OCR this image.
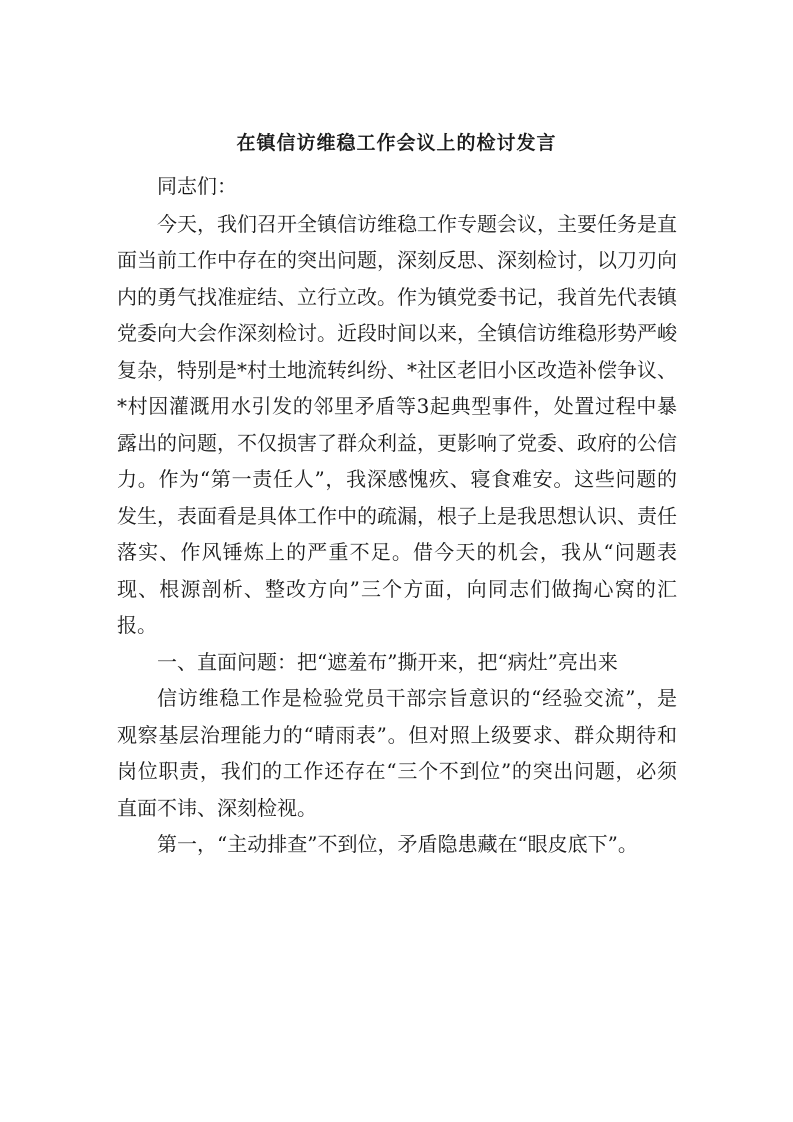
在镇信访维稳工作会议上的检讨发言

同志们：

今天，我们召开全镇信访维稳工作专题会议，主要任务是直面当前工作中存在的突出问题，深刻反思、深刻检讨，以刀刃向内的勇气找准症结、立行立改。作为镇党委书记，我首先代表镇党委向大会作深刻检讨。近段时间以来，全镇信访维稳形势严峻复杂，特别是*村土地流转纠纷、*社区老旧小区改造补偿争议、*村因灌溉用水引发的邻里矛盾等3起典型事件，处置过程中暴露出的问题，不仅损害了群众利益，更影响了党委、政府的公信力。作为“第一责任人”，我深感愧疚、寝食难安。这些问题的发生，表面看是具体工作中的疏漏，根子上是我思想认识、责任落实、作风锤炼上的严重不足。借今天的机会，我从“问题表现、根源剖析、整改方向”三个方面，向同志们做掏心窝的汇报。

一、直面问题：把“遮羞布”撕开来，把“病灶”亮出来

信访维稳工作是检验党员干部宗旨意识的“经验交流”，是观察基层治理能力的“晴雨表”。但对照上级要求、群众期待和岗位职责，我们的工作还存在“三个不到位”的突出问题，必须直面不讳、深刻检视。

第一，“主动排查”不到位，矛盾隐患藏在“眼皮底下”。
